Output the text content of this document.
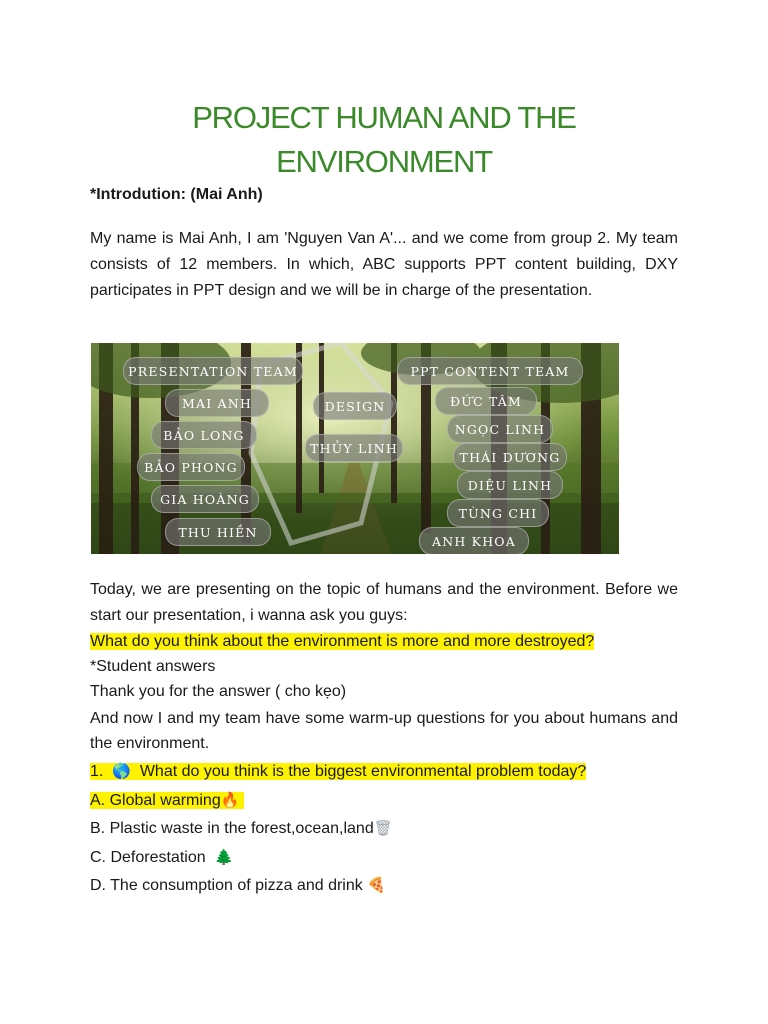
PROJECT HUMAN AND THE
ENVIRONMENT
*Introdution: (Mai Anh)
My name is Mai Anh, I am 'Nguyen Van A'... and we come from group 2. My team consists of 12 members. In which, ABC supports PPT content building, DXY participates in PPT design and we will be in charge of the presentation.
PRESENTATION TEAM
MAI ANH
BẢO LONG
BẢO PHONG
GIA HOÀNG
THU HIỀN
DESIGN
THỦY LINH
PPT CONTENT TEAM
ĐỨC TÂM
NGỌC LINH
THÁI DƯƠNG
DIỆU LINH
TÙNG CHI
ANH KHOA
Today, we are presenting on the topic of humans and the environment. Before we start our presentation, i wanna ask you guys:
What do you think about the environment is more and more destroyed?
*Student answers
Thank you for the answer ( cho kẹo)
And now I and my team have some warm-up questions for you about humans and the environment.
1. 🌎 What do you think is the biggest environmental problem today?
A. Global warming🔥
B. Plastic waste in the forest,ocean,land🗑
C. Deforestation 🌲
D. The consumption of pizza and drink 🍕
